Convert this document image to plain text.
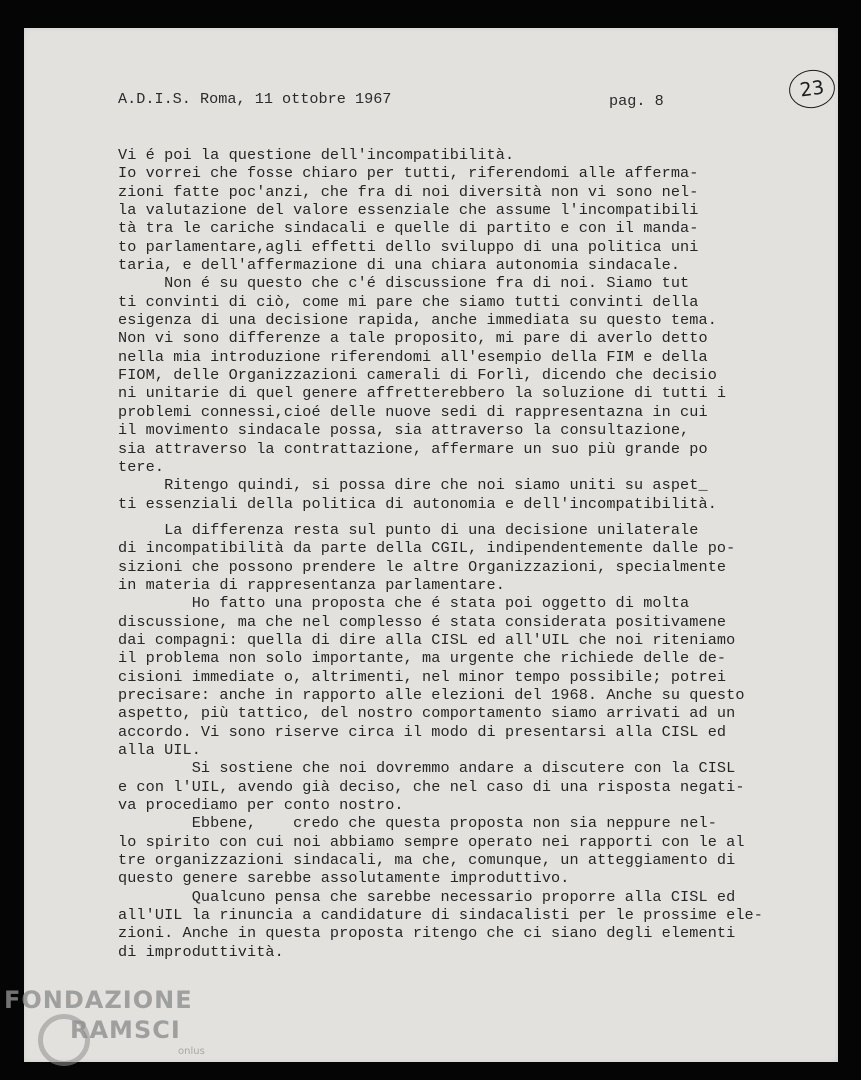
23
A.D.I.S. Roma, 11 ottobre 1967	pag. 8
Vi é poi la questione dell'incompatibilità.
Io vorrei che fosse chiaro per tutti, riferendomi alle afferma-
zioni fatte poc'anzi, che fra di noi diversità non vi sono nel-
la valutazione del valore essenziale che assume l'incompatibili
tà tra le cariche sindacali e quelle di partito e con il manda-
to parlamentare,agli effetti dello sviluppo di una politica uni
taria, e dell'affermazione di una chiara autonomia sindacale.
Non é su questo che c'é discussione fra di noi. Siamo tut
ti convinti di ciò, come mi pare che siamo tutti convinti della
esigenza di una decisione rapida, anche immediata su questo tema.
Non vi sono differenze a tale proposito, mi pare di averlo detto
nella mia introduzione riferendomi all'esempio della FIM e della
FIOM, delle Organizzazioni camerali di Forlì, dicendo che decisio
ni unitarie di quel genere affretterebbero la soluzione di tutti i
problemi connessi,cioé delle nuove sedi di rappresentazna in cui
il movimento sindacale possa, sia attraverso la consultazione,
sia attraverso la contrattazione, affermare un suo più grande po
tere.
Ritengo quindi, si possa dire che noi siamo uniti su aspet_
ti essenziali della politica di autonomia e dell'incompatibilità.
La differenza resta sul punto di una decisione unilaterale
di incompatibilità da parte della CGIL, indipendentemente dalle po-
sizioni che possono prendere le altre Organizzazioni, specialmente
in materia di rappresentanza parlamentare.
Ho fatto una proposta che é stata poi oggetto di molta
discussione, ma che nel complesso é stata considerata positivamene
dai compagni: quella di dire alla CISL ed all'UIL che noi riteniamo
il problema non solo importante, ma urgente che richiede delle de-
cisioni immediate o, altrimenti, nel minor tempo possibile; potrei
precisare: anche in rapporto alle elezioni del 1968. Anche su questo
aspetto, più tattico, del nostro comportamento siamo arrivati ad un
accordo. Vi sono riserve circa il modo di presentarsi alla CISL ed
alla UIL.
Si sostiene che noi dovremmo andare a discutere con la CISL
e con l'UIL, avendo già deciso, che nel caso di una risposta negati-
va procediamo per conto nostro.
Ebbene,    credo che questa proposta non sia neppure nel-
lo spirito con cui noi abbiamo sempre operato nei rapporti con le al
tre organizzazioni sindacali, ma che, comunque, un atteggiamento di
questo genere sarebbe assolutamente improduttivo.
Qualcuno pensa che sarebbe necessario proporre alla CISL ed
all'UIL la rinuncia a candidature di sindacalisti per le prossime ele-
zioni. Anche in questa proposta ritengo che ci siano degli elementi
di improduttività.
FONDAZIONE
RAMSCI
onlus
